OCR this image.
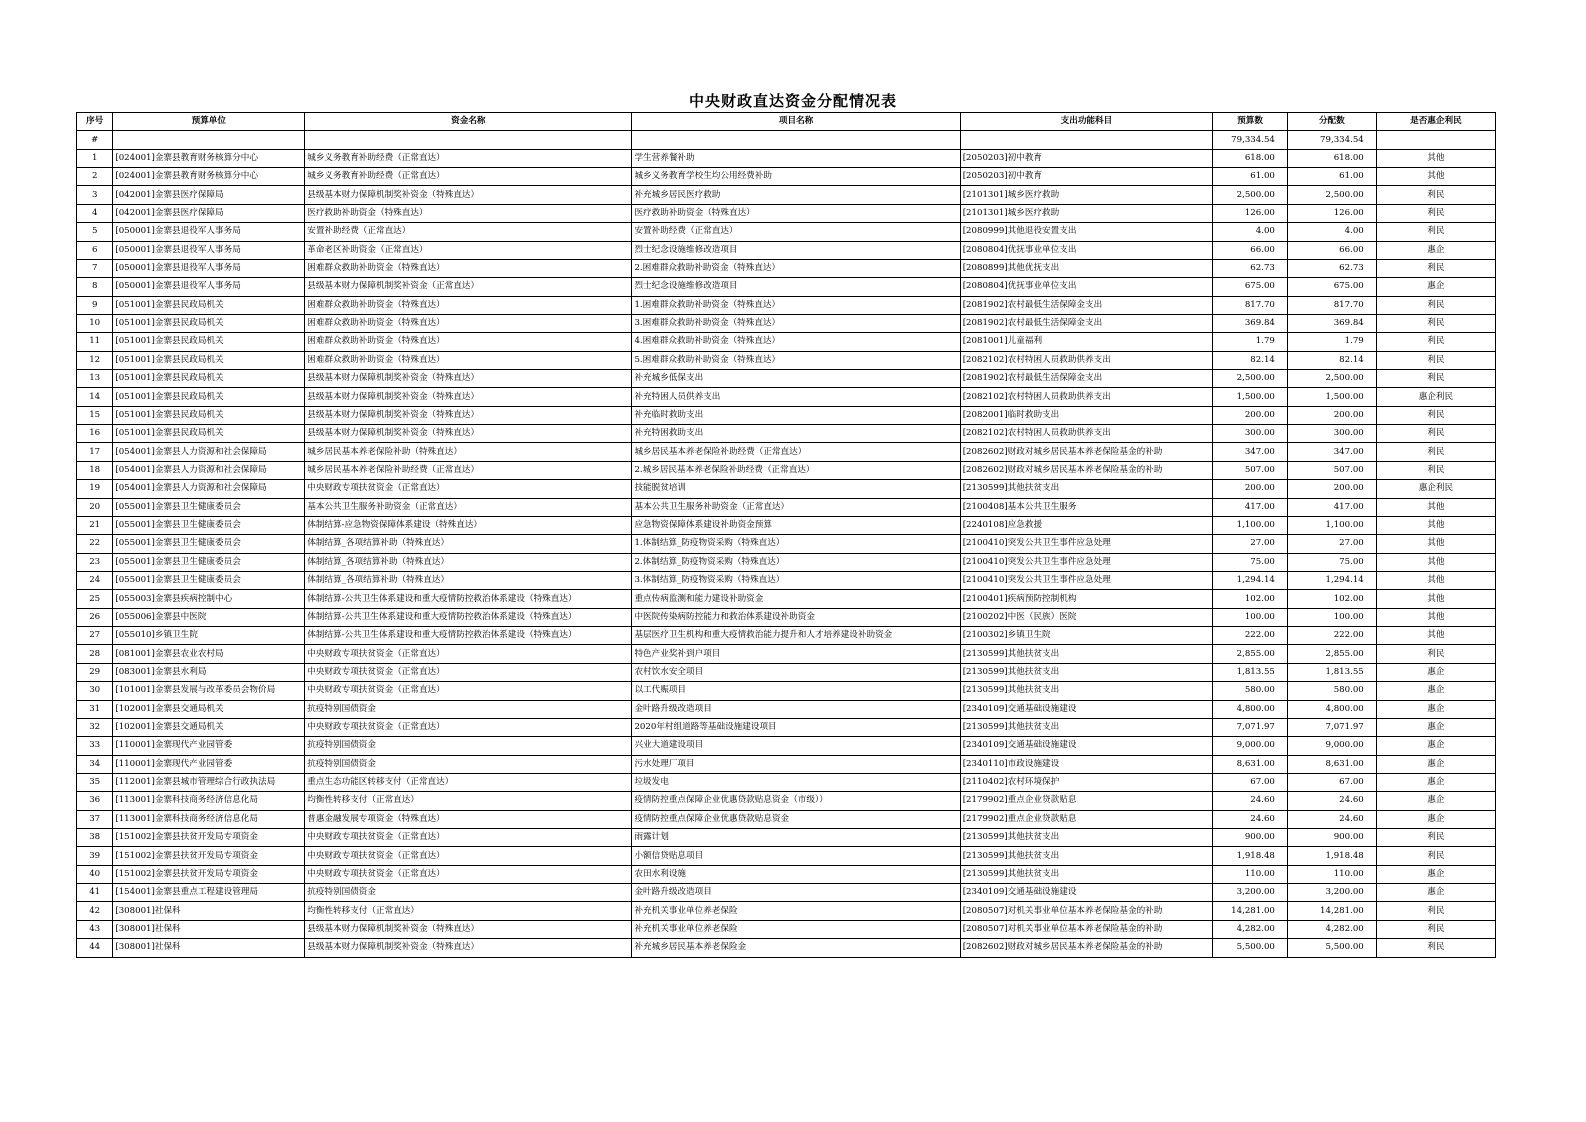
中央财政直达资金分配情况表
序号	预算单位	资金名称	项目名称	支出功能科目	预算数	分配数	是否惠企利民
#					79,334.54	79,334.54	
1	[024001]金寨县教育财务核算分中心	城乡义务教育补助经费（正常直达）	学生营养餐补助	[2050203]初中教育	618.00	618.00	其他
2	[024001]金寨县教育财务核算分中心	城乡义务教育补助经费（正常直达）	城乡义务教育学校生均公用经费补助	[2050203]初中教育	61.00	61.00	其他
3	[042001]金寨县医疗保障局	县级基本财力保障机制奖补资金（特殊直达）	补充城乡居民医疗救助	[2101301]城乡医疗救助	2,500.00	2,500.00	利民
4	[042001]金寨县医疗保障局	医疗救助补助资金（特殊直达）	医疗救助补助资金（特殊直达）	[2101301]城乡医疗救助	126.00	126.00	利民
5	[050001]金寨县退役军人事务局	安置补助经费（正常直达）	安置补助经费（正常直达）	[2080999]其他退役安置支出	4.00	4.00	利民
6	[050001]金寨县退役军人事务局	革命老区补助资金（正常直达）	烈士纪念设施维修改造项目	[2080804]优抚事业单位支出	66.00	66.00	惠企
7	[050001]金寨县退役军人事务局	困难群众救助补助资金（特殊直达）	2.困难群众救助补助资金（特殊直达）	[2080899]其他优抚支出	62.73	62.73	利民
8	[050001]金寨县退役军人事务局	县级基本财力保障机制奖补资金（正常直达）	烈士纪念设施维修改造项目	[2080804]优抚事业单位支出	675.00	675.00	惠企
9	[051001]金寨县民政局机关	困难群众救助补助资金（特殊直达）	1.困难群众救助补助资金（特殊直达）	[2081902]农村最低生活保障金支出	817.70	817.70	利民
10	[051001]金寨县民政局机关	困难群众救助补助资金（特殊直达）	3.困难群众救助补助资金（特殊直达）	[2081902]农村最低生活保障金支出	369.84	369.84	利民
11	[051001]金寨县民政局机关	困难群众救助补助资金（特殊直达）	4.困难群众救助补助资金（特殊直达）	[2081001]儿童福利	1.79	1.79	利民
12	[051001]金寨县民政局机关	困难群众救助补助资金（特殊直达）	5.困难群众救助补助资金（特殊直达）	[2082102]农村特困人员救助供养支出	82.14	82.14	利民
13	[051001]金寨县民政局机关	县级基本财力保障机制奖补资金（特殊直达）	补充城乡低保支出	[2081902]农村最低生活保障金支出	2,500.00	2,500.00	利民
14	[051001]金寨县民政局机关	县级基本财力保障机制奖补资金（特殊直达）	补充特困人员供养支出	[2082102]农村特困人员救助供养支出	1,500.00	1,500.00	惠企利民
15	[051001]金寨县民政局机关	县级基本财力保障机制奖补资金（特殊直达）	补充临时救助支出	[2082001]临时救助支出	200.00	200.00	利民
16	[051001]金寨县民政局机关	县级基本财力保障机制奖补资金（特殊直达）	补充特困救助支出	[2082102]农村特困人员救助供养支出	300.00	300.00	利民
17	[054001]金寨县人力资源和社会保障局	城乡居民基本养老保险补助（特殊直达）	城乡居民基本养老保险补助经费（正常直达）	[2082602]财政对城乡居民基本养老保险基金的补助	347.00	347.00	利民
18	[054001]金寨县人力资源和社会保障局	城乡居民基本养老保险补助经费（正常直达）	2.城乡居民基本养老保险补助经费（正常直达）	[2082602]财政对城乡居民基本养老保险基金的补助	507.00	507.00	利民
19	[054001]金寨县人力资源和社会保障局	中央财政专项扶贫资金（正常直达）	技能脱贫培训	[2130599]其他扶贫支出	200.00	200.00	惠企利民
20	[055001]金寨县卫生健康委员会	基本公共卫生服务补助资金（正常直达）	基本公共卫生服务补助资金（正常直达）	[2100408]基本公共卫生服务	417.00	417.00	其他
21	[055001]金寨县卫生健康委员会	体制结算-应急物资保障体系建设（特殊直达）	应急物资保障体系建设补助资金预算	[2240108]应急救援	1,100.00	1,100.00	其他
22	[055001]金寨县卫生健康委员会	体制结算_各项结算补助（特殊直达）	1.体制结算_防疫物资采购（特殊直达）	[2100410]突发公共卫生事件应急处理	27.00	27.00	其他
23	[055001]金寨县卫生健康委员会	体制结算_各项结算补助（特殊直达）	2.体制结算_防疫物资采购（特殊直达）	[2100410]突发公共卫生事件应急处理	75.00	75.00	其他
24	[055001]金寨县卫生健康委员会	体制结算_各项结算补助（特殊直达）	3.体制结算_防疫物资采购（特殊直达）	[2100410]突发公共卫生事件应急处理	1,294.14	1,294.14	其他
25	[055003]金寨县疾病控制中心	体制结算-公共卫生体系建设和重大疫情防控救治体系建设（特殊直达）	重点传病监测和能力建设补助资金	[2100401]疾病预防控制机构	102.00	102.00	其他
26	[055006]金寨县中医院	体制结算-公共卫生体系建设和重大疫情防控救治体系建设（特殊直达）	中医院传染病防控能力和救治体系建设补助资金	[2100202]中医（民族）医院	100.00	100.00	其他
27	[055010]乡镇卫生院	体制结算-公共卫生体系建设和重大疫情防控救治体系建设（特殊直达）	基层医疗卫生机构和重大疫情救治能力提升和人才培养建设补助资金	[2100302]乡镇卫生院	222.00	222.00	其他
28	[081001]金寨县农业农村局	中央财政专项扶贫资金（正常直达）	特色产业奖补到户项目	[2130599]其他扶贫支出	2,855.00	2,855.00	利民
29	[083001]金寨县水利局	中央财政专项扶贫资金（正常直达）	农村饮水安全项目	[2130599]其他扶贫支出	1,813.55	1,813.55	惠企
30	[101001]金寨县发展与改革委员会物价局	中央财政专项扶贫资金（正常直达）	以工代赈项目	[2130599]其他扶贫支出	580.00	580.00	惠企
31	[102001]金寨县交通局机关	抗疫特别国债资金	金叶路升级改造项目	[2340109]交通基础设施建设	4,800.00	4,800.00	惠企
32	[102001]金寨县交通局机关	中央财政专项扶贫资金（正常直达）	2020年村组道路等基础设施建设项目	[2130599]其他扶贫支出	7,071.97	7,071.97	惠企
33	[110001]金寨现代产业园管委	抗疫特别国债资金	兴业大道建设项目	[2340109]交通基础设施建设	9,000.00	9,000.00	惠企
34	[110001]金寨现代产业园管委	抗疫特别国债资金	污水处理厂项目	[2340110]市政设施建设	8,631.00	8,631.00	惠企
35	[112001]金寨县城市管理综合行政执法局	重点生态功能区转移支付（正常直达）	垃圾发电	[2110402]农村环境保护	67.00	67.00	惠企
36	[113001]金寨科技商务经济信息化局	均衡性转移支付（正常直达）	疫情防控重点保障企业优惠贷款贴息资金（市级））	[2179902]重点企业贷款贴息	24.60	24.60	惠企
37	[113001]金寨科技商务经济信息化局	普惠金融发展专项资金（特殊直达）	疫情防控重点保障企业优惠贷款贴息资金	[2179902]重点企业贷款贴息	24.60	24.60	惠企
38	[151002]金寨县扶贫开发局专项资金	中央财政专项扶贫资金（正常直达）	雨露计划	[2130599]其他扶贫支出	900.00	900.00	利民
39	[151002]金寨县扶贫开发局专项资金	中央财政专项扶贫资金（正常直达）	小额信贷贴息项目	[2130599]其他扶贫支出	1,918.48	1,918.48	利民
40	[151002]金寨县扶贫开发局专项资金	中央财政专项扶贫资金（正常直达）	农田水利设施	[2130599]其他扶贫支出	110.00	110.00	惠企
41	[154001]金寨县重点工程建设管理局	抗疫特别国债资金	金叶路升级改造项目	[2340109]交通基础设施建设	3,200.00	3,200.00	惠企
42	[308001]社保科	均衡性转移支付（正常直达）	补充机关事业单位养老保险	[2080507]对机关事业单位基本养老保险基金的补助	14,281.00	14,281.00	利民
43	[308001]社保科	县级基本财力保障机制奖补资金（特殊直达）	补充机关事业单位养老保险	[2080507]对机关事业单位基本养老保险基金的补助	4,282.00	4,282.00	利民
44	[308001]社保科	县级基本财力保障机制奖补资金（特殊直达）	补充城乡居民基本养老保险金	[2082602]财政对城乡居民基本养老保险基金的补助	5,500.00	5,500.00	利民
